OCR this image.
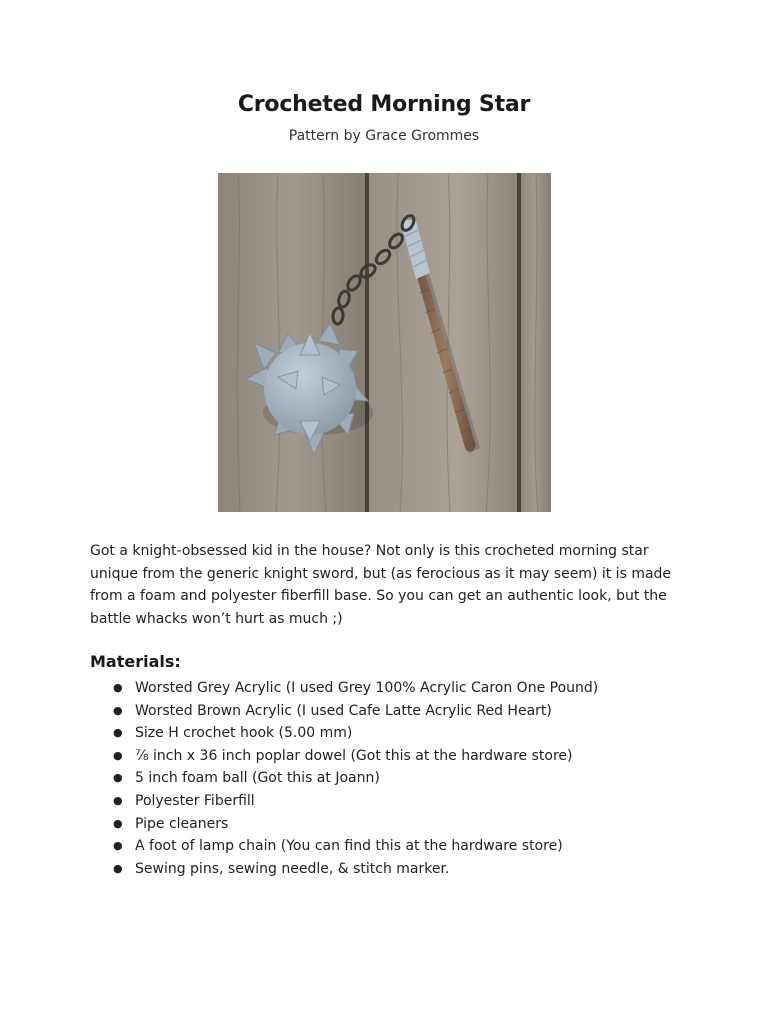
Crocheted Morning Star
Pattern by Grace Grommes
Got a knight-obsessed kid in the house? Not only is this crocheted morning star unique from the generic knight sword, but (as ferocious as it may seem) it is made from a foam and polyester fiberfill base. So you can get an authentic look, but the battle whacks won’t hurt as much ;)
Materials:
● Worsted Grey Acrylic (I used Grey 100% Acrylic Caron One Pound)
● Worsted Brown Acrylic (I used Cafe Latte Acrylic Red Heart)
● Size H crochet hook (5.00 mm)
● ⅞ inch x 36 inch poplar dowel (Got this at the hardware store)
● 5 inch foam ball (Got this at Joann)
● Polyester Fiberfill
● Pipe cleaners
● A foot of lamp chain (You can find this at the hardware store)
● Sewing pins, sewing needle, & stitch marker.
